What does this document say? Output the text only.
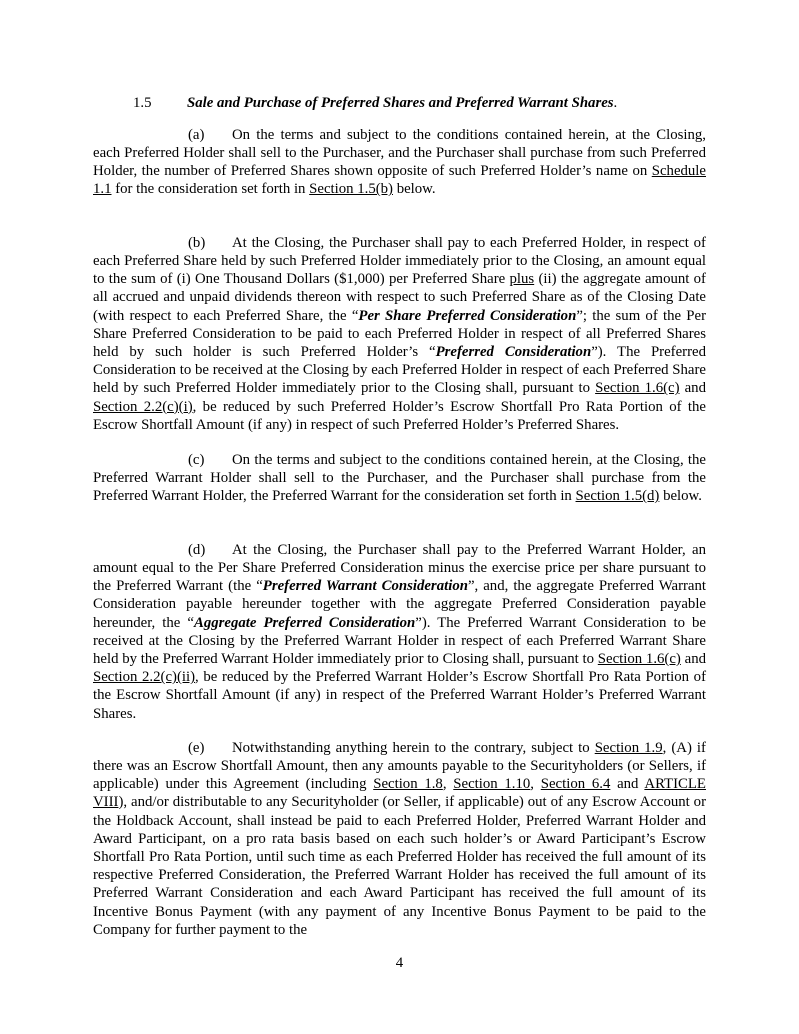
1.5 Sale and Purchase of Preferred Shares and Preferred Warrant Shares.

(a) On the terms and subject to the conditions contained herein, at the Closing, each Preferred Holder shall sell to the Purchaser, and the Purchaser shall purchase from such Preferred Holder, the number of Preferred Shares shown opposite of such Preferred Holder’s name on Schedule 1.1 for the consideration set forth in Section 1.5(b) below.

(b) At the Closing, the Purchaser shall pay to each Preferred Holder, in respect of each Preferred Share held by such Preferred Holder immediately prior to the Closing, an amount equal to the sum of (i) One Thousand Dollars ($1,000) per Preferred Share plus (ii) the aggregate amount of all accrued and unpaid dividends thereon with respect to such Preferred Share as of the Closing Date (with respect to each Preferred Share, the “Per Share Preferred Consideration”; the sum of the Per Share Preferred Consideration to be paid to each Preferred Holder in respect of all Preferred Shares held by such holder is such Preferred Holder’s “Preferred Consideration”). The Preferred Consideration to be received at the Closing by each Preferred Holder in respect of each Preferred Share held by such Preferred Holder immediately prior to the Closing shall, pursuant to Section 1.6(c) and Section 2.2(c)(i), be reduced by such Preferred Holder’s Escrow Shortfall Pro Rata Portion of the Escrow Shortfall Amount (if any) in respect of such Preferred Holder’s Preferred Shares.

(c) On the terms and subject to the conditions contained herein, at the Closing, the Preferred Warrant Holder shall sell to the Purchaser, and the Purchaser shall purchase from the Preferred Warrant Holder, the Preferred Warrant for the consideration set forth in Section 1.5(d) below.

(d) At the Closing, the Purchaser shall pay to the Preferred Warrant Holder, an amount equal to the Per Share Preferred Consideration minus the exercise price per share pursuant to the Preferred Warrant (the “Preferred Warrant Consideration”, and, the aggregate Preferred Warrant Consideration payable hereunder together with the aggregate Preferred Consideration payable hereunder, the “Aggregate Preferred Consideration”). The Preferred Warrant Consideration to be received at the Closing by the Preferred Warrant Holder in respect of each Preferred Warrant Share held by the Preferred Warrant Holder immediately prior to Closing shall, pursuant to Section 1.6(c) and Section 2.2(c)(ii), be reduced by the Preferred Warrant Holder’s Escrow Shortfall Pro Rata Portion of the Escrow Shortfall Amount (if any) in respect of the Preferred Warrant Holder’s Preferred Warrant Shares.

(e) Notwithstanding anything herein to the contrary, subject to Section 1.9, (A) if there was an Escrow Shortfall Amount, then any amounts payable to the Securityholders (or Sellers, if applicable) under this Agreement (including Section 1.8, Section 1.10, Section 6.4 and ARTICLE VIII), and/or distributable to any Securityholder (or Seller, if applicable) out of any Escrow Account or the Holdback Account, shall instead be paid to each Preferred Holder, Preferred Warrant Holder and Award Participant, on a pro rata basis based on each such holder’s or Award Participant’s Escrow Shortfall Pro Rata Portion, until such time as each Preferred Holder has received the full amount of its respective Preferred Consideration, the Preferred Warrant Holder has received the full amount of its Preferred Warrant Consideration and each Award Participant has received the full amount of its Incentive Bonus Payment (with any payment of any Incentive Bonus Payment to be paid to the Company for further payment to the

4
